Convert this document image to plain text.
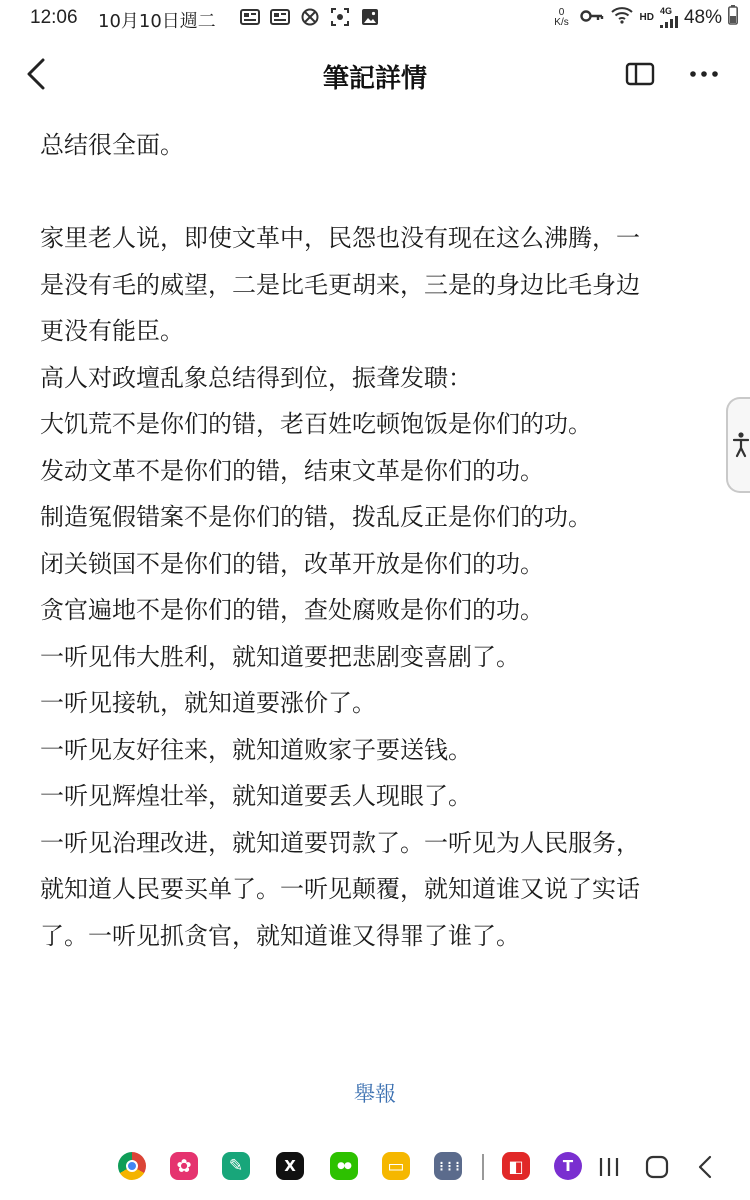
12:06 10月10日週二	0
K/s	HD
4G 48%
筆記詳情
总结很全面。
家里老人说，即使文革中，民怨也没有现在这么沸腾，一
是没有毛的威望，二是比毛更胡来，三是的身边比毛身边
更没有能臣。
高人对政壇乱象总结得到位，振聋发聩：
大饥荒不是你们的错，老百姓吃顿饱饭是你们的功。
发动文革不是你们的错，结束文革是你们的功。
制造冤假错案不是你们的错，拨乱反正是你们的功。
闭关锁国不是你们的错，改革开放是你们的功。
贪官遍地不是你们的错，查处腐败是你们的功。
一听见伟大胜利，就知道要把悲剧变喜剧了。
一听见接轨，就知道要涨价了。
一听见友好往来，就知道败家子要送钱。
一听见辉煌壮举，就知道要丢人现眼了。
一听见治理改进，就知道要罚款了。一听见为人民服务，
就知道人民要买单了。一听见颠覆，就知道谁又说了实话
了。一听见抓贪官，就知道谁又得罪了谁了。
舉報
✿ ✎	X	●● ▭	⋮⋮⋮	◧	T
